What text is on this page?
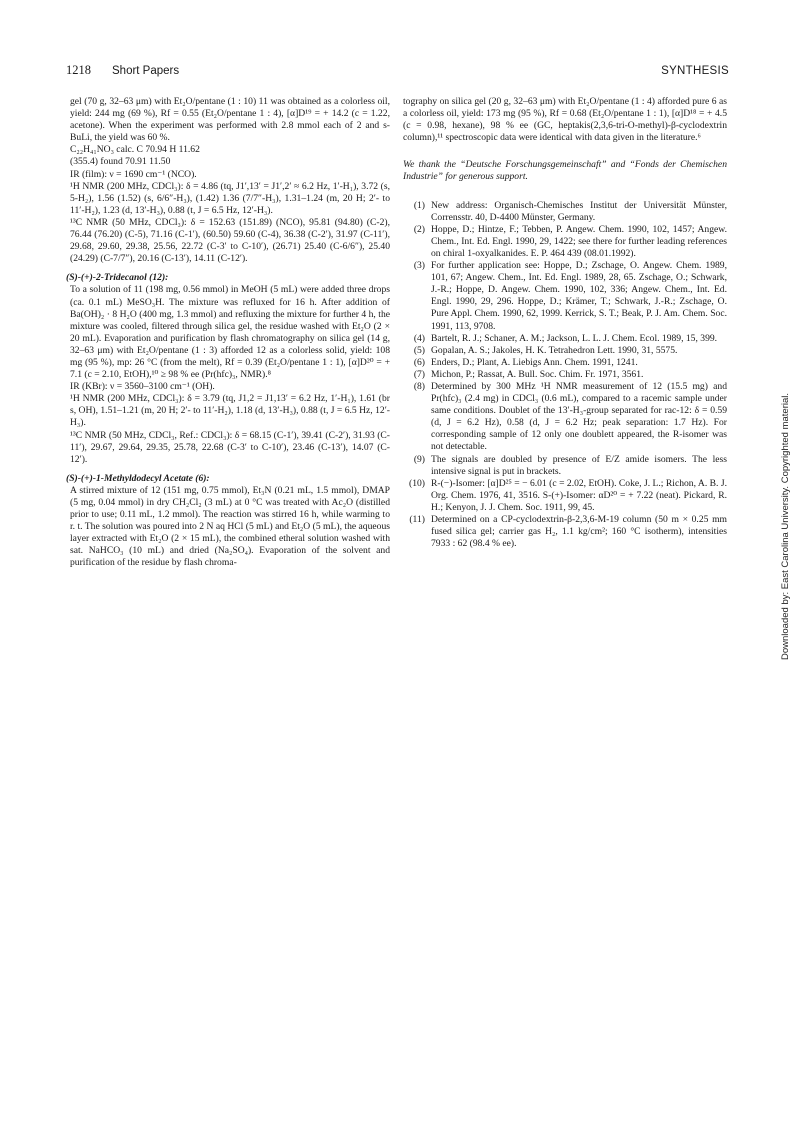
1218 Short Papers	SYNTHESIS

gel (70 g, 32–63 μm) with Et₂O/pentane (1 : 10) 11 was obtained as a colorless oil, yield: 244 mg (69 %), Rf = 0.55 (Et₂O/pentane 1 : 4), [α]D¹⁹ = + 14.2 (c = 1.22, acetone). When the experiment was performed with 2.8 mmol each of 2 and s-BuLi, the yield was 60 %.

C₂₂H₄₁NO₃ calc. C 70.94 H 11.62

(355.4) found 70.91 11.50

IR (film): ν = 1690 cm⁻¹ (NCO).

¹H NMR (200 MHz, CDCl₃): δ = 4.86 (tq, J1′,13′ = J1′,2′ ≈ 6.2 Hz, 1′-H₁), 3.72 (s, 5-H₂), 1.56 (1.52) (s, 6/6″-H₃), (1.42) 1.36 (7/7″-H₃), 1.31–1.24 (m, 20 H; 2′- to 11′-H₂), 1.23 (d, 13′-H₃), 0.88 (t, J = 6.5 Hz, 12′-H₃).

¹³C NMR (50 MHz, CDCl₃): δ = 152.63 (151.89) (NCO), 95.81 (94.80) (C-2), 76.44 (76.20) (C-5), 71.16 (C-1′), (60.50) 59.60 (C-4), 36.38 (C-2′), 31.97 (C-11′), 29.68, 29.60, 29.38, 25.56, 22.72 (C-3′ to C-10′), (26.71) 25.40 (C-6/6″), 25.40 (24.29) (C-7/7″), 20.16 (C-13′), 14.11 (C-12′).

(S)-(+)-2-Tridecanol (12):

To a solution of 11 (198 mg, 0.56 mmol) in MeOH (5 mL) were added three drops (ca. 0.1 mL) MeSO₃H. The mixture was refluxed for 16 h. After addition of Ba(OH)₂ · 8 H₂O (400 mg, 1.3 mmol) and refluxing the mixture for further 4 h, the mixture was cooled, filtered through silica gel, the residue washed with Et₂O (2 × 20 mL). Evaporation and purification by flash chromatography on silica gel (14 g, 32–63 μm) with Et₂O/pentane (1 : 3) afforded 12 as a colorless solid, yield: 108 mg (95 %), mp: 26 °C (from the melt), Rf = 0.39 (Et₂O/pentane 1 : 1), [α]D²⁰ = + 7.1 (c = 2.10, EtOH),¹⁰ ≥ 98 % ee (Pr(hfc)₃, NMR).⁸

IR (KBr): ν = 3560–3100 cm⁻¹ (OH).

¹H NMR (200 MHz, CDCl₃): δ = 3.79 (tq, J1,2 = J1,13′ = 6.2 Hz, 1′-H₁), 1.61 (br s, OH), 1.51–1.21 (m, 20 H; 2′- to 11′-H₂), 1.18 (d, 13′-H₃), 0.88 (t, J = 6.5 Hz, 12′-H₃).

¹³C NMR (50 MHz, CDCl₃, Ref.: CDCl₃): δ = 68.15 (C-1′), 39.41 (C-2′), 31.93 (C-11′), 29.67, 29.64, 29.35, 25.78, 22.68 (C-3′ to C-10′), 23.46 (C-13′), 14.07 (C-12′).

(S)-(+)-1-Methyldodecyl Acetate (6):

A stirred mixture of 12 (151 mg, 0.75 mmol), Et₃N (0.21 mL, 1.5 mmol), DMAP (5 mg, 0.04 mmol) in dry CH₂Cl₂ (3 mL) at 0 °C was treated with Ac₂O (distilled prior to use; 0.11 mL, 1.2 mmol). The reaction was stirred 16 h, while warming to r. t. The solution was poured into 2 N aq HCl (5 mL) and Et₂O (5 mL), the aqueous layer extracted with Et₂O (2 × 15 mL), the combined etheral solution washed with sat. NaHCO₃ (10 mL) and dried (Na₂SO₄). Evaporation of the solvent and purification of the residue by flash chroma-

tography on silica gel (20 g, 32–63 μm) with Et₂O/pentane (1 : 4) afforded pure 6 as a colorless oil, yield: 173 mg (95 %), Rf = 0.68 (Et₂O/pentane 1 : 1), [α]D¹⁸ = + 4.5 (c = 0.98, hexane), 98 % ee (GC, heptakis(2,3,6-tri-O-methyl)-β-cyclodextrin column),¹¹ spectroscopic data were identical with data given in the literature.⁶

We thank the “Deutsche Forschungsgemeinschaft” and “Fonds der Chemischen Industrie” for generous support.

(1) New address: Organisch-Chemisches Institut der Universität Münster, Corrensstr. 40, D-4400 Münster, Germany.
(2) Hoppe, D.; Hintze, F.; Tebben, P. Angew. Chem. 1990, 102, 1457; Angew. Chem., Int. Ed. Engl. 1990, 29, 1422; see there for further leading references on chiral 1-oxyalkanides. E. P. 464 439 (08.01.1992).
(3) For further application see: Hoppe, D.; Zschage, O. Angew. Chem. 1989, 101, 67; Angew. Chem., Int. Ed. Engl. 1989, 28, 65. Zschage, O.; Schwark, J.-R.; Hoppe, D. Angew. Chem. 1990, 102, 336; Angew. Chem., Int. Ed. Engl. 1990, 29, 296. Hoppe, D.; Krämer, T.; Schwark, J.-R.; Zschage, O. Pure Appl. Chem. 1990, 62, 1999. Kerrick, S. T.; Beak, P. J. Am. Chem. Soc. 1991, 113, 9708.
(4) Bartelt, R. J.; Schaner, A. M.; Jackson, L. L. J. Chem. Ecol. 1989, 15, 399.
(5) Gopalan, A. S.; Jakoles, H. K. Tetrahedron Lett. 1990, 31, 5575.
(6) Enders, D.; Plant, A. Liebigs Ann. Chem. 1991, 1241.
(7) Michon, P.; Rassat, A. Bull. Soc. Chim. Fr. 1971, 3561.
(8) Determined by 300 MHz ¹H NMR measurement of 12 (15.5 mg) and Pr(hfc)₃ (2.4 mg) in CDCl₃ (0.6 mL), compared to a racemic sample under same conditions. Doublet of the 13′-H₃-group separated for rac-12: δ = 0.59 (d, J = 6.2 Hz), 0.58 (d, J = 6.2 Hz; peak separation: 1.7 Hz). For corresponding sample of 12 only one doublett appeared, the R-isomer was not detectable.
(9) The signals are doubled by presence of E/Z amide isomers. The less intensive signal is put in brackets.
(10) R-(−)-Isomer: [α]D²⁵ = − 6.01 (c = 2.02, EtOH). Coke, J. L.; Richon, A. B. J. Org. Chem. 1976, 41, 3516. S-(+)-Isomer: αD²⁰ = + 7.22 (neat). Pickard, R. H.; Kenyon, J. J. Chem. Soc. 1911, 99, 45.
(11) Determined on a CP-cyclodextrin-β-2,3,6-M-19 column (50 m × 0.25 mm fused silica gel; carrier gas H₂, 1.1 kg/cm²; 160 °C isotherm), intensities 7933 : 62 (98.4 % ee).	Downloaded by: East Carolina University. Copyrighted material.
